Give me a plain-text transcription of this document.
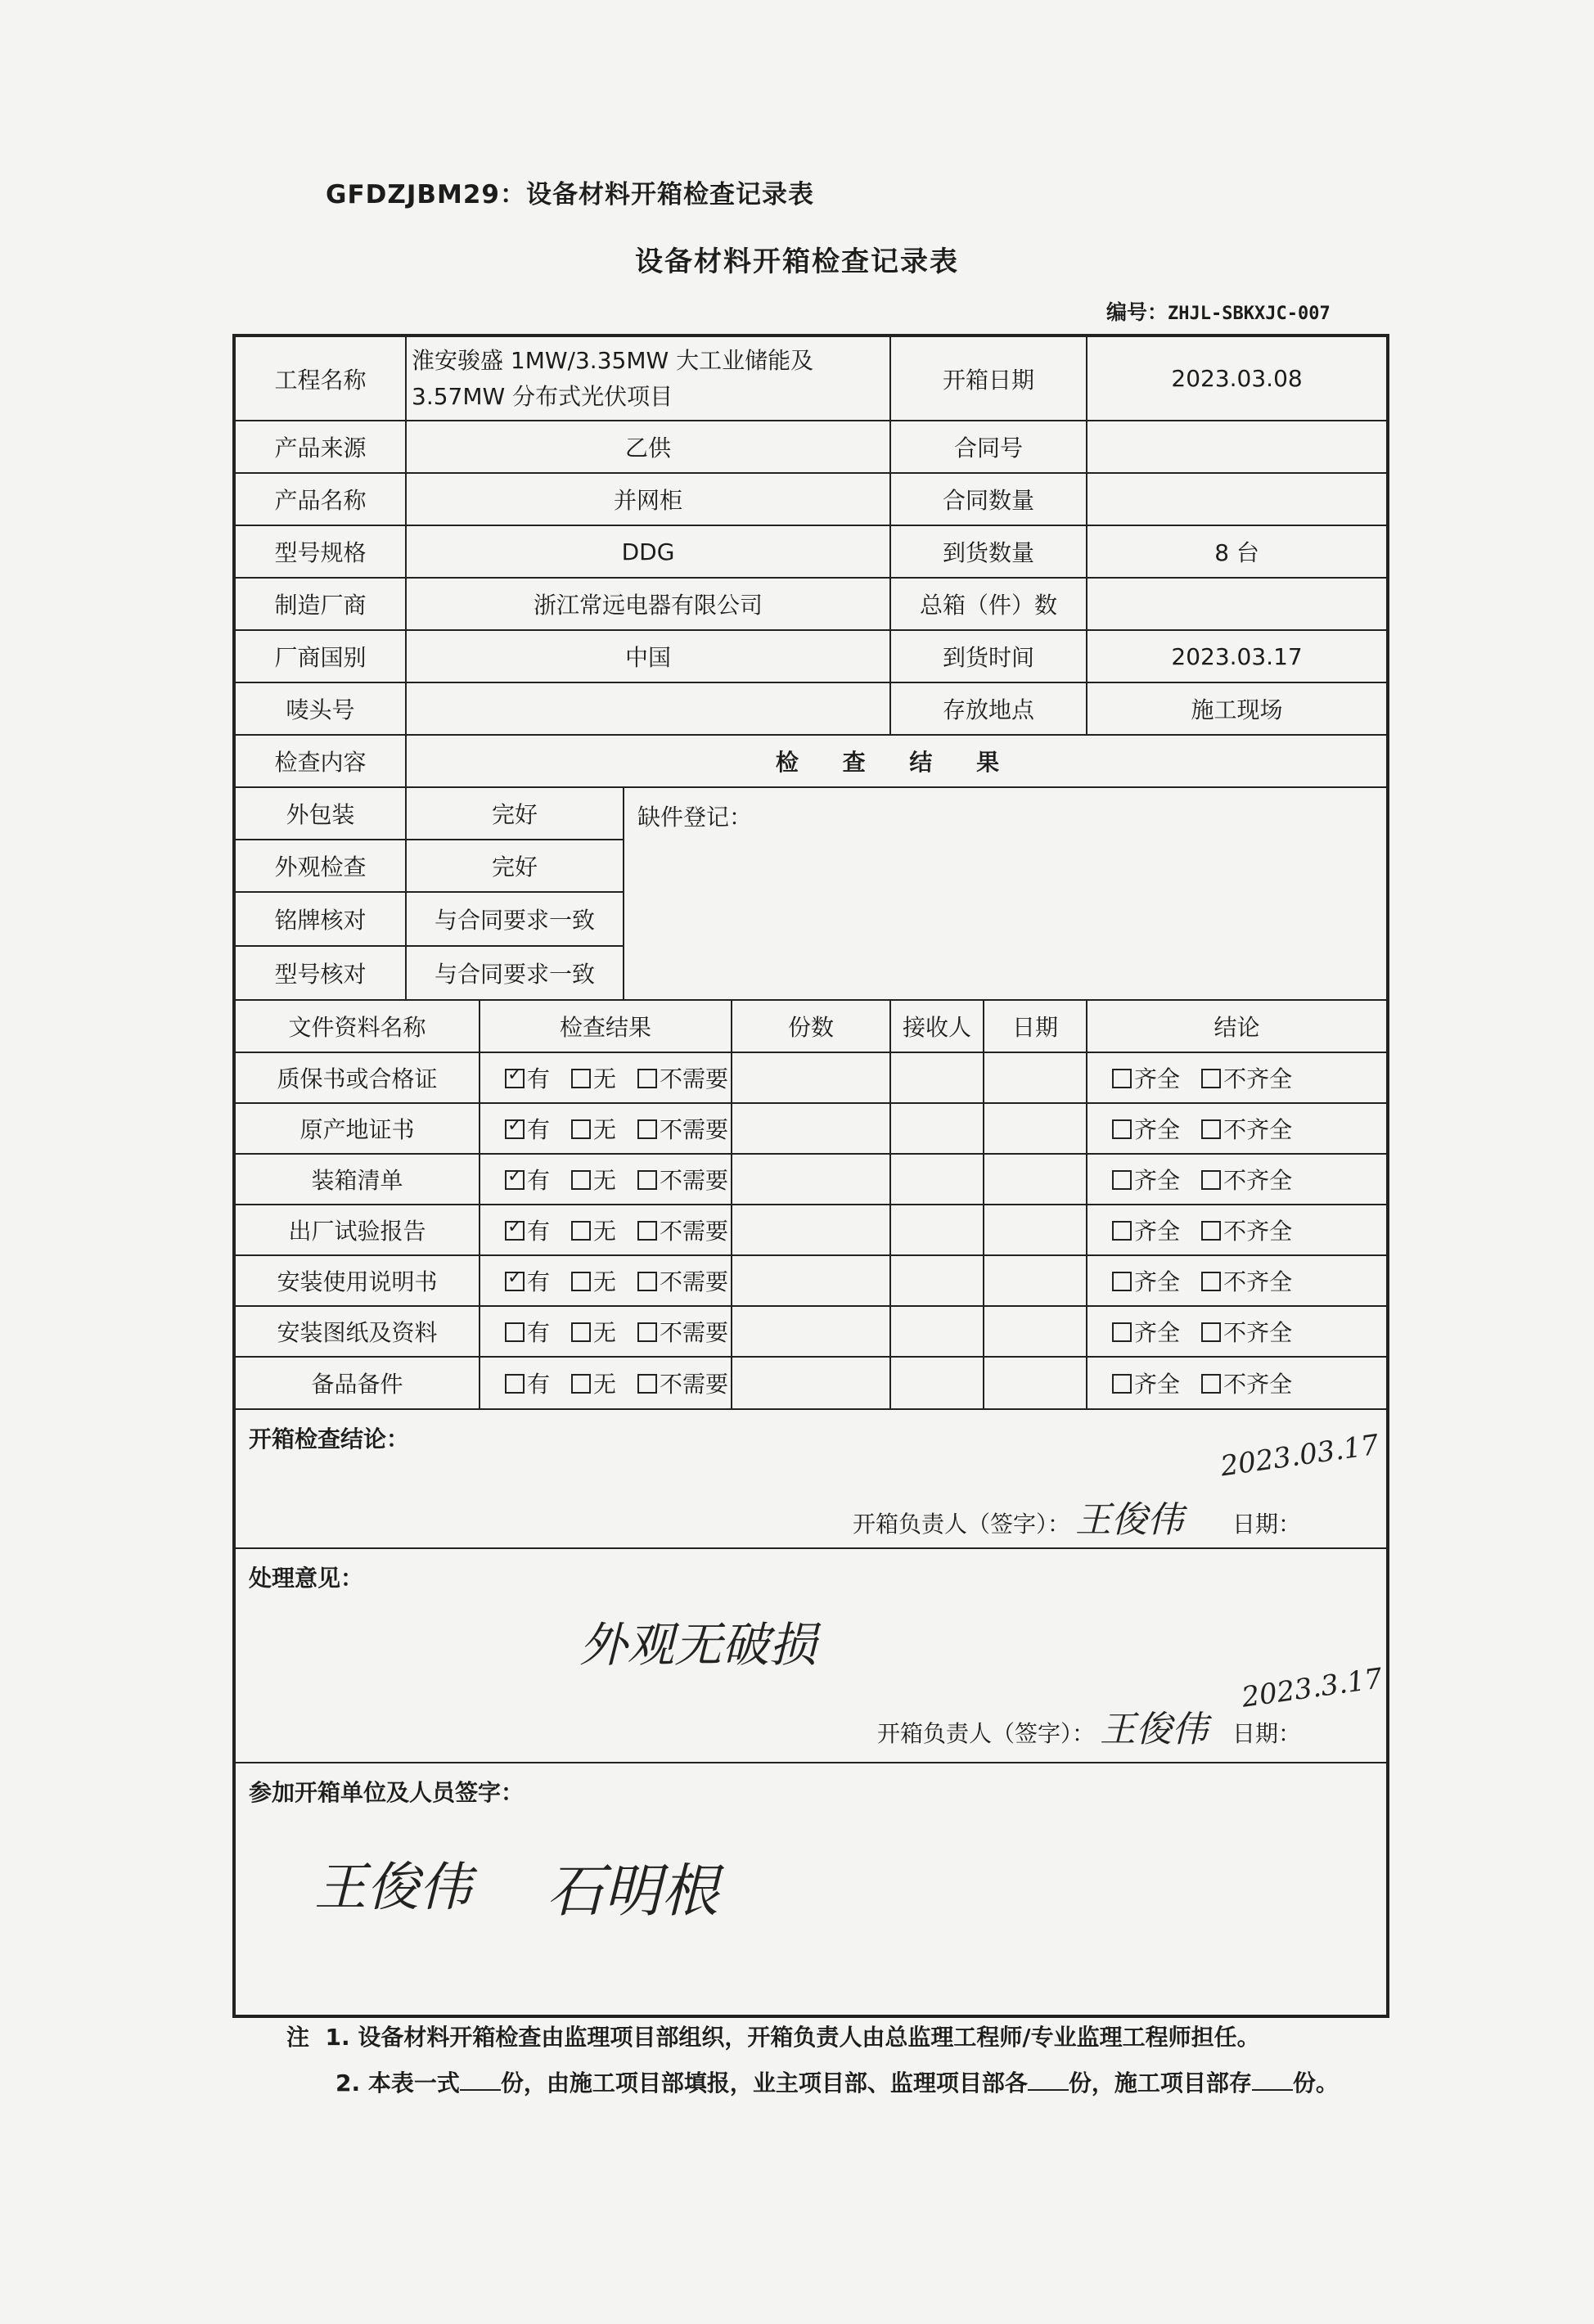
GFDZJBM29：设备材料开箱检查记录表
设备材料开箱检查记录表
编号：ZHJL-SBKXJC-007
工程名称	淮安骏盛 1MW/3.35MW 大工业储能及 3.57MW 分布式光伏项目				开箱日期		2023.03.08
产品来源	乙供				合同号		
产品名称	并网柜				合同数量		
型号规格	DDG				到货数量		8 台
制造厂商	浙江常远电器有限公司				总箱（件）数		
厂商国别	中国				到货时间		2023.03.17
唛头号					存放地点		施工现场
检查内容	检 查 结 果						
外包装	完好		缺件登记：				
外观检查	完好						
铭牌核对	与合同要求一致						
型号核对	与合同要求一致						
文件资料名称		检查结果		份数	接收人	日期	结论
质保书或合格证	✓有 无 不需要					齐全 不齐全
原产地证书	✓有 无 不需要					齐全 不齐全
装箱清单	✓有 无 不需要					齐全 不齐全
出厂试验报告	✓有 无 不需要					齐全 不齐全
安装使用说明书	✓有 无 不需要					齐全 不齐全
安装图纸及资料		有 无 不需要					齐全 不齐全
备品备件		有 无 不需要					齐全 不齐全

开箱检查结论：
开箱负责人（签字）： 王俊伟 日期：
2023.03.17							

处理意见：
外观无破损
开箱负责人（签字）： 王俊伟 日期：
2023.3.17							

参加开箱单位及人员签字：
王俊伟 石明根							
注 1. 设备材料开箱检查由监理项目部组织，开箱负责人由总监理工程师/专业监理工程师担任。
2. 本表一式 份，由施工项目部填报，业主项目部、监理项目部各 份，施工项目部存 份。
